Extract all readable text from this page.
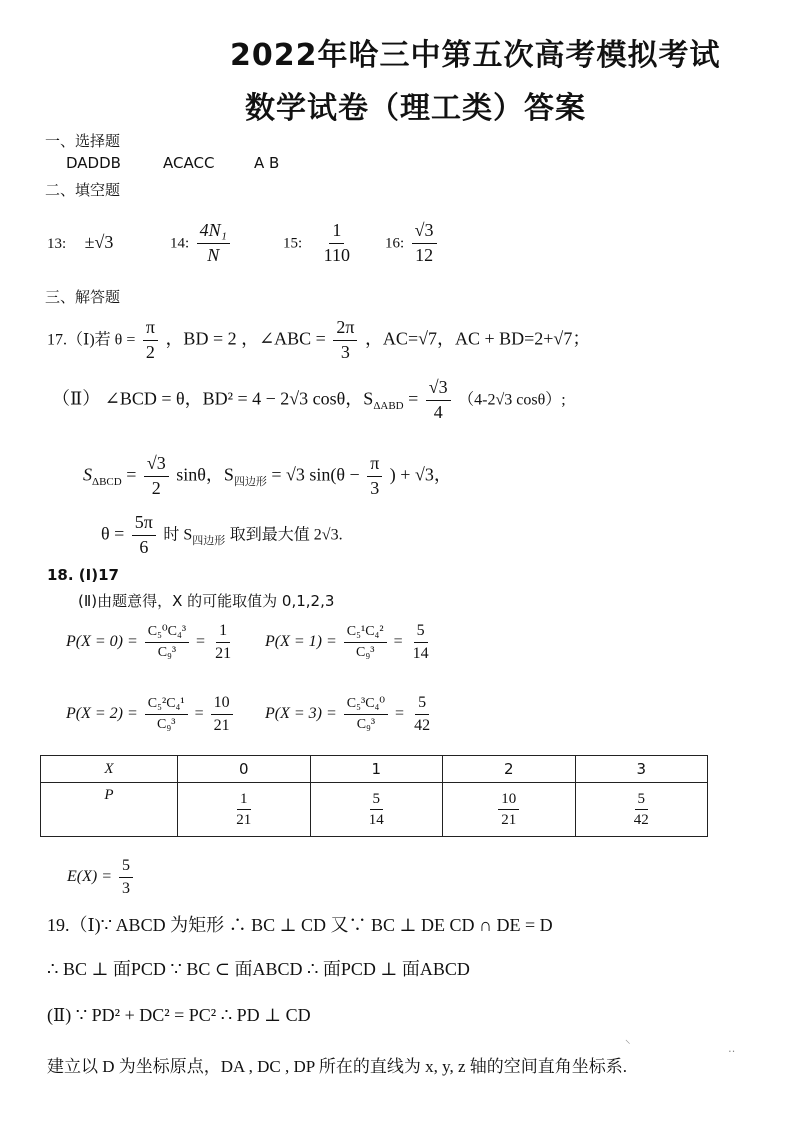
2022年哈三中第五次高考模拟考试
数学试卷（理工类）答案
一、选择题
DADDB	ACACC	A B
二、填空题
13: ±√3	14: $\frac{\text{4N₁}}{N}$	15: $\frac{1}{110} 16$: $\frac{√3}{12}$
三、解答题
17.（Ⅰ)若 $\theta = \frac{\pi}{2}$ ，BD = 2 ，∠ABC = $\frac{2\pi}{3}$ ，AC=√7，AC + BD=2+√7；
（Ⅱ） ∠BCD = θ，BD² = 4 − 2√3 cosθ，$S_{\Delta ABD} = \frac{√3}{4} (4-2√3$ cosθ）;
$S_{\Delta BCD} = \frac{√3}{2}$ sinθ，$S_{四边形} = √3$ $\sin(\theta - \frac{\pi}{3}$ ) + √3，
$\theta = \frac{5\pi}{6}$ 时 $S_{四边形}$ 取到最大值 2√3.
18. (Ⅰ)17
(Ⅱ)由题意得，X 的可能取值为 0,1,2,3
$P(X = 0) = \frac{\text{C₅⁰C₄³}}{\text{C₉³}} = \frac{1}{21} P(X = 1) = \frac{\text{C₅¹C₄²}}{\text{C₉³}} = \frac{5}{14}$
$P(X = 2) = \frac{\text{C₅²C₄¹}}{\text{C₉³}} = \frac{10}{21} P(X = 3) = \frac{\text{C₅³C₄⁰}}{\text{C₉³}} = \frac{5}{42}$
X	0	1	2	3
P	$\frac{1}{21}$	$\frac{5}{14}$	$\frac{10}{21}$	$\frac{5}{42}$
$E(X) = \frac{5}{3}$
19.（Ⅰ)∵ ABCD 为矩形 ∴ BC ⊥ CD 又∵ BC ⊥ DE CD ∩ DE = D
∴ BC ⊥ 面PCD ∵ BC ⊂ 面ABCD ∴ 面PCD ⊥ 面ABCD
(Ⅱ) ∵ PD² + DC² = PC² ∴ PD ⊥ CD
建立以 D 为坐标原点，DA , DC , DP 所在的直线为 x, y, z 轴的空间直角坐标系.
⸜
‥
